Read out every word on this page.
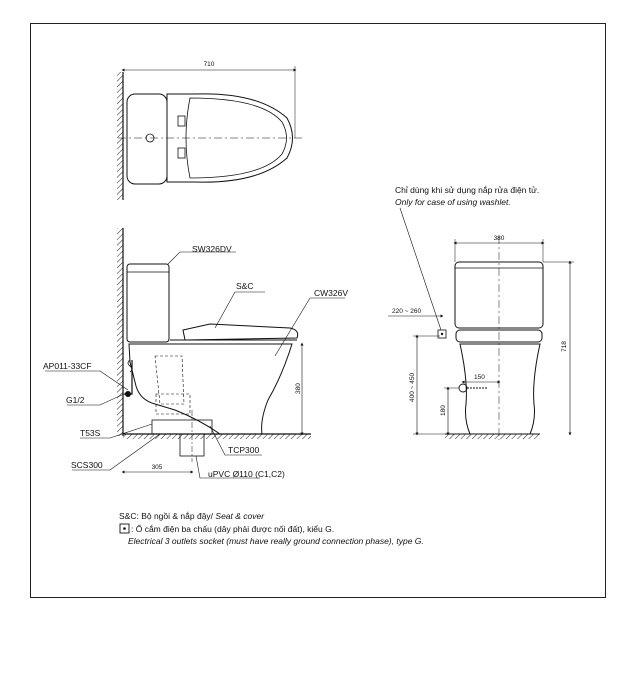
710
380
305
SW326DV
S&C
CW326V
AP011-33CF
G1/2
T53S
SCS300
TCP300
uPVC Ø110 (C1,C2)
Chỉ dùng khi sử dụng nắp rửa điện tử.
Only for case of using washlet.
380
718
220 ~ 260
400 ~ 450	150
180
S&C: Bộ ngồi & nắp đậy/ Seat & cover
: Ổ cắm điện ba chấu (dây phải được nối đất), kiểu G.
Electrical 3 outlets socket (must have really ground connection phase), type G.
